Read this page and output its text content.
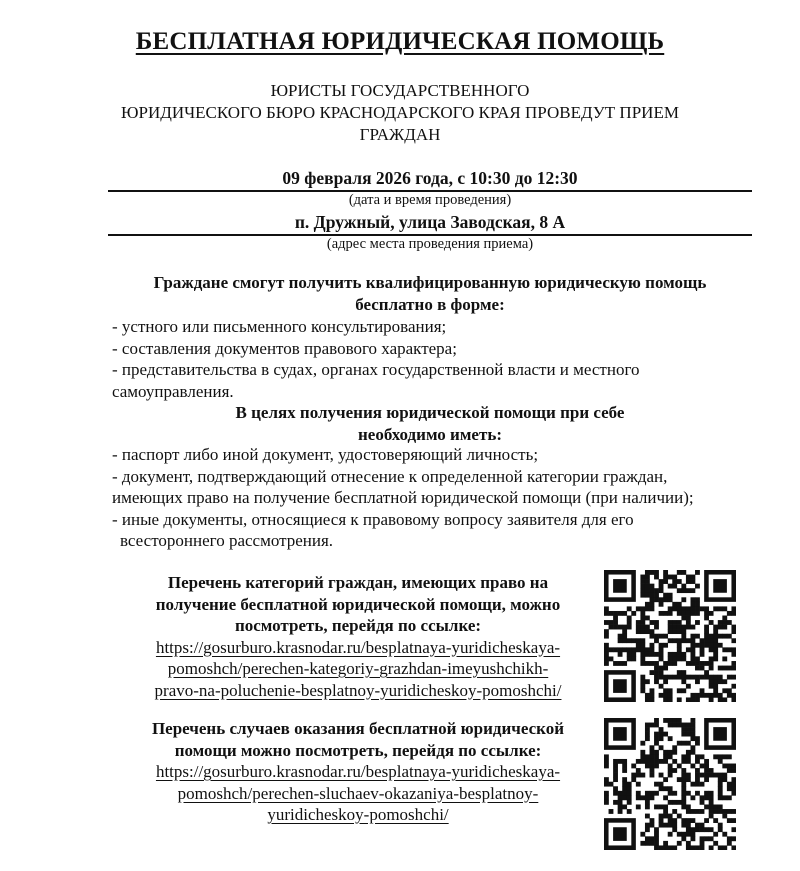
БЕСПЛАТНАЯ ЮРИДИЧЕСКАЯ ПОМОЩЬ
ЮРИСТЫ ГОСУДАРСТВЕННОГО
ЮРИДИЧЕСКОГО БЮРО КРАСНОДАРСКОГО КРАЯ ПРОВЕДУТ ПРИЕМ
ГРАЖДАН
09 февраля 2026 года, с 10:30 до 12:30
(дата и время проведения)
п. Дружный, улица Заводская, 8 А
(адрес места проведения приема)
Граждане смогут получить квалифицированную юридическую помощь
бесплатно в форме:
- устного или письменного консультирования;
- составления документов правового характера;
- представительства в судах, органах государственной власти и местного
самоуправления.
В целях получения юридической помощи при себе
необходимо иметь:
- паспорт либо иной документ, удостоверяющий личность;
- документ, подтверждающий отнесение к определенной категории граждан,
имеющих право на получение бесплатной юридической помощи (при наличии);
- иные документы, относящиеся к правовому вопросу заявителя для его
всестороннего рассмотрения.
Перечень категорий граждан, имеющих право на
получение бесплатной юридической помощи, можно
посмотреть, перейдя по ссылке:
https://gosurburo.krasnodar.ru/besplatnaya-yuridicheskaya-
pomoshch/perechen-kategoriy-grazhdan-imeyushchikh-
pravo-na-poluchenie-besplatnoy-yuridicheskoy-pomoshchi/
Перечень случаев оказания бесплатной юридической
помощи можно посмотреть, перейдя по ссылке:
https://gosurburo.krasnodar.ru/besplatnaya-yuridicheskaya-
pomoshch/perechen-sluchaev-okazaniya-besplatnoy-
yuridicheskoy-pomoshchi/
